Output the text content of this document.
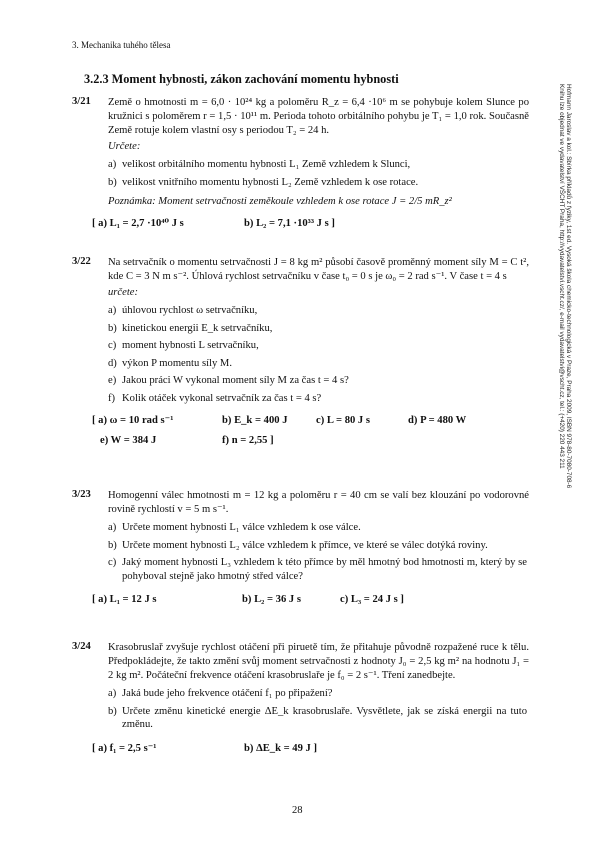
3. Mechanika tuhého tělesa
3.2.3 Moment hybnosti, zákon zachování momentu hybnosti
Hofmann Jaroslav a kol.: Sbírka příkladů z fyziky, 1st ed. Vysoká škola chemicko-technologická v Praze, Praha 2009, ISBN 978-80-7080-708-6
Knihu lze objednat ve vydavatelství VŠCHT Praha, http://vydavatelstvi.vscht.cz/, e-mail vydavatelstvi@vscht.cz, tel.: (+420) 220 443 211
3/21 Země o hmotnosti m = 6,0 · 10²⁴ kg a poloměru R_z = 6,4 ·10⁶ m se pohybuje kolem Slunce po kružnici s poloměrem r = 1,5 · 10¹¹ m. Perioda tohoto orbitálního pohybu je T₁ = 1,0 rok. Současně Země rotuje kolem vlastní osy s periodou T₂ = 24 h.
Určete:
a) velikost orbitálního momentu hybnosti L₁ Země vzhledem k Slunci,
b) velikost vnitřního momentu hybnosti L₂ Země vzhledem k ose rotace.
Poznámka: Moment setrvačnosti zeměkoule vzhledem k ose rotace J = 2/5 mR_z²
[ a) L₁ = 2,7 ·10⁴⁰ J s	b) L₂ = 7,1 ·10³³ J s ]
3/22 Na setrvačník o momentu setrvačnosti J = 8 kg m² působí časově proměnný moment síly M = C t², kde C = 3 N m s⁻². Úhlová rychlost setrvačníku v čase t₀ = 0 s je ω₀ = 2 rad s⁻¹. V čase t = 4 s
určete:
a) úhlovou rychlost ω setrvačníku,
b) kinetickou energii E_k setrvačníku,
c) moment hybnosti L setrvačníku,
d) výkon P momentu síly M.
e) Jakou práci W vykonal moment síly M za čas t = 4 s?
f) Kolik otáček vykonal setrvačník za čas t = 4 s?
[ a) ω = 10 rad s⁻¹	b) E_k = 400 J	c) L = 80 J s	d) P = 480 W
e) W = 384 J	f) n = 2,55 ]
3/23 Homogenní válec hmotnosti m = 12 kg a poloměru r = 40 cm se valí bez klouzání po vodorovné rovině rychlostí v = 5 m s⁻¹.
a) Určete moment hybnosti L₁ válce vzhledem k ose válce.
b) Určete moment hybnosti L₂ válce vzhledem k přímce, ve které se válec dotýká roviny.
c) Jaký moment hybnosti L₃ vzhledem k této přímce by měl hmotný bod hmotnosti m, který by se pohyboval stejně jako hmotný střed válce?
[ a) L₁ = 12 J s	b) L₂ = 36 J s	c) L₃ = 24 J s ]
3/24 Krasobruslař zvyšuje rychlost otáčení při piruetě tím, že přitahuje původně rozpažené ruce k tělu. Předpokládejte, že takto změní svůj moment setrvačnosti z hodnoty J₀ = 2,5 kg m² na hodnotu J₁ = 2 kg m². Počáteční frekvence otáčení krasobruslaře je f₀ = 2 s⁻¹. Tření zanedbejte.
a) Jaká bude jeho frekvence otáčení f₁ po připažení?
b) Určete změnu kinetické energie ΔE_k krasobruslaře. Vysvětlete, jak se získá energii na tuto změnu.
[ a) f₁ = 2,5 s⁻¹	b) ΔE_k = 49 J ]
28
